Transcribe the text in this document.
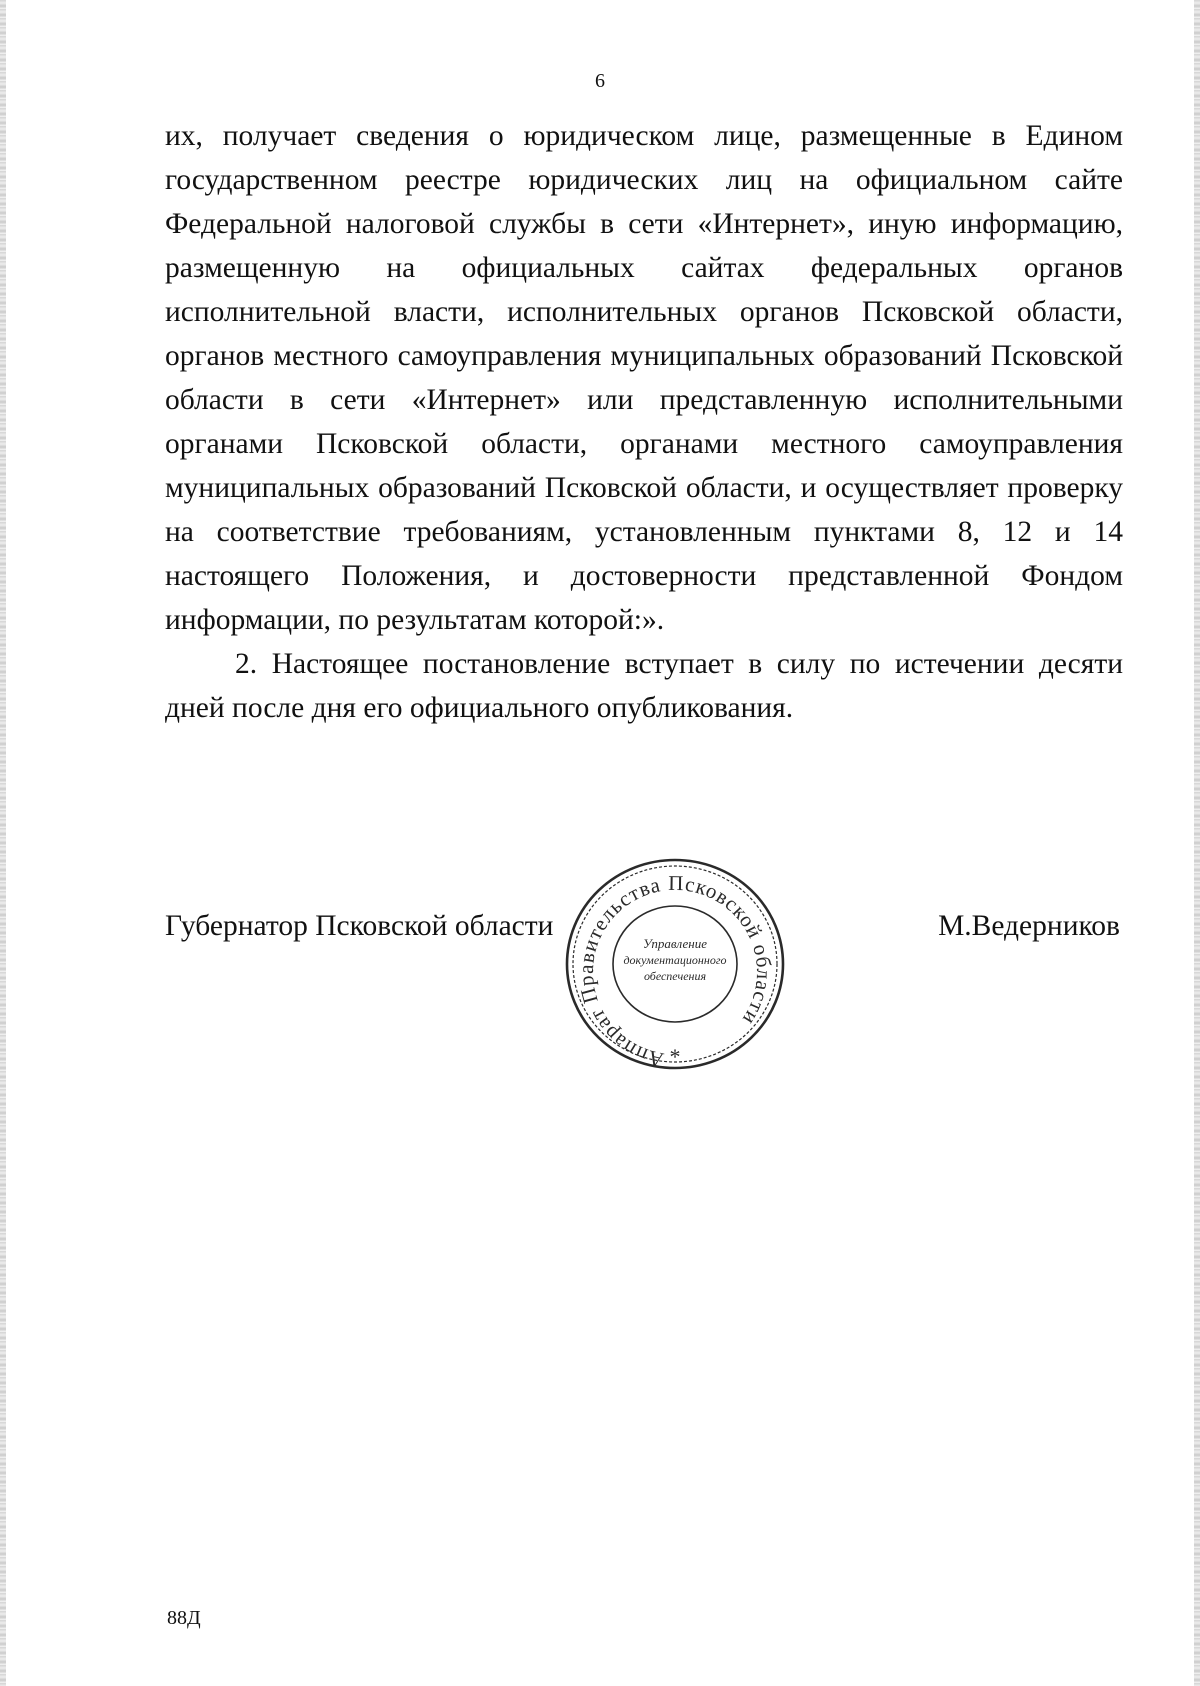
6

их, получает сведения о юридическом лице, размещенные в Едином государственном реестре юридических лиц на официальном сайте Федеральной налоговой службы в сети «Интернет», иную информацию, размещенную на официальных сайтах федеральных органов исполнительной власти, исполнительных органов Псковской области, органов местного самоуправления муниципальных образований Псковской области в сети «Интернет» или представленную исполнительными органами Псковской области, органами местного самоуправления муниципальных образований Псковской области, и осуществляет проверку на соответствие требованиям, установленным пунктами 8, 12 и 14 настоящего Положения, и достоверности представленной Фондом информации, по результатам которой:».

2. Настоящее постановление вступает в силу по истечении десяти дней после дня его официального опубликования.

Губернатор Псковской области	М.Ведерников
Аппарат Правительства Псковской области
Управление
документационного
обеспечения
*
88Д
